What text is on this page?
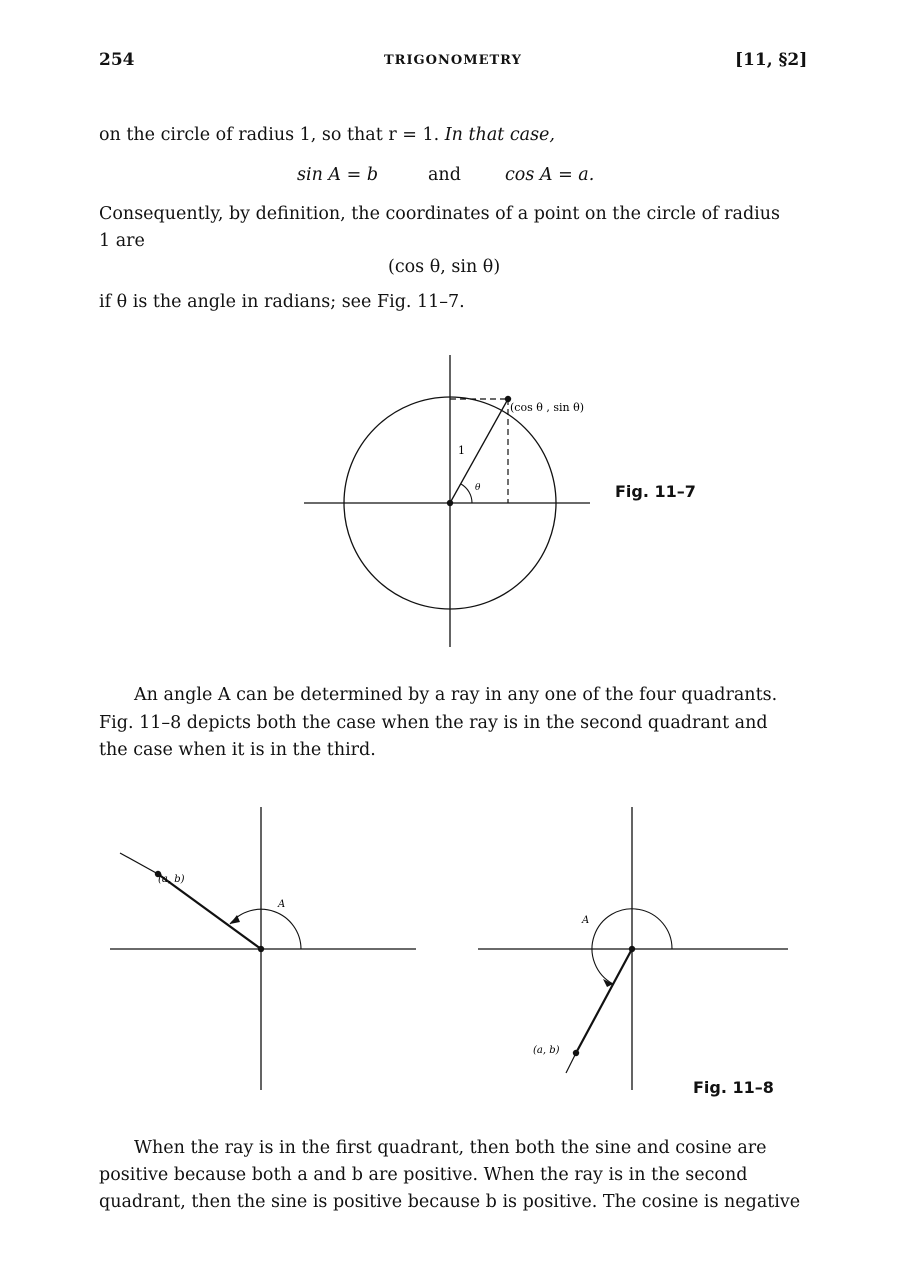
254	TRIGONOMETRY	[11, §2]
on the circle of radius 1, so that r = 1. In that case,
sin A = b	and	cos A = a.
Consequently, by definition, the coordinates of a point on the circle of radius
1 are
(cos θ, sin θ)
if θ is the angle in radians; see Fig. 11–7.
(cos θ , sin θ)
1
θ	Fig. 11–7
An angle A can be determined by a ray in any one of the four quadrants.
Fig. 11–8 depicts both the case when the ray is in the second quadrant and
the case when it is in the third.
(a, b)
A
(a, b)
A
Fig. 11–8
When the ray is in the first quadrant, then both the sine and cosine are
positive because both a and b are positive. When the ray is in the second
quadrant, then the sine is positive because b is positive. The cosine is negative
